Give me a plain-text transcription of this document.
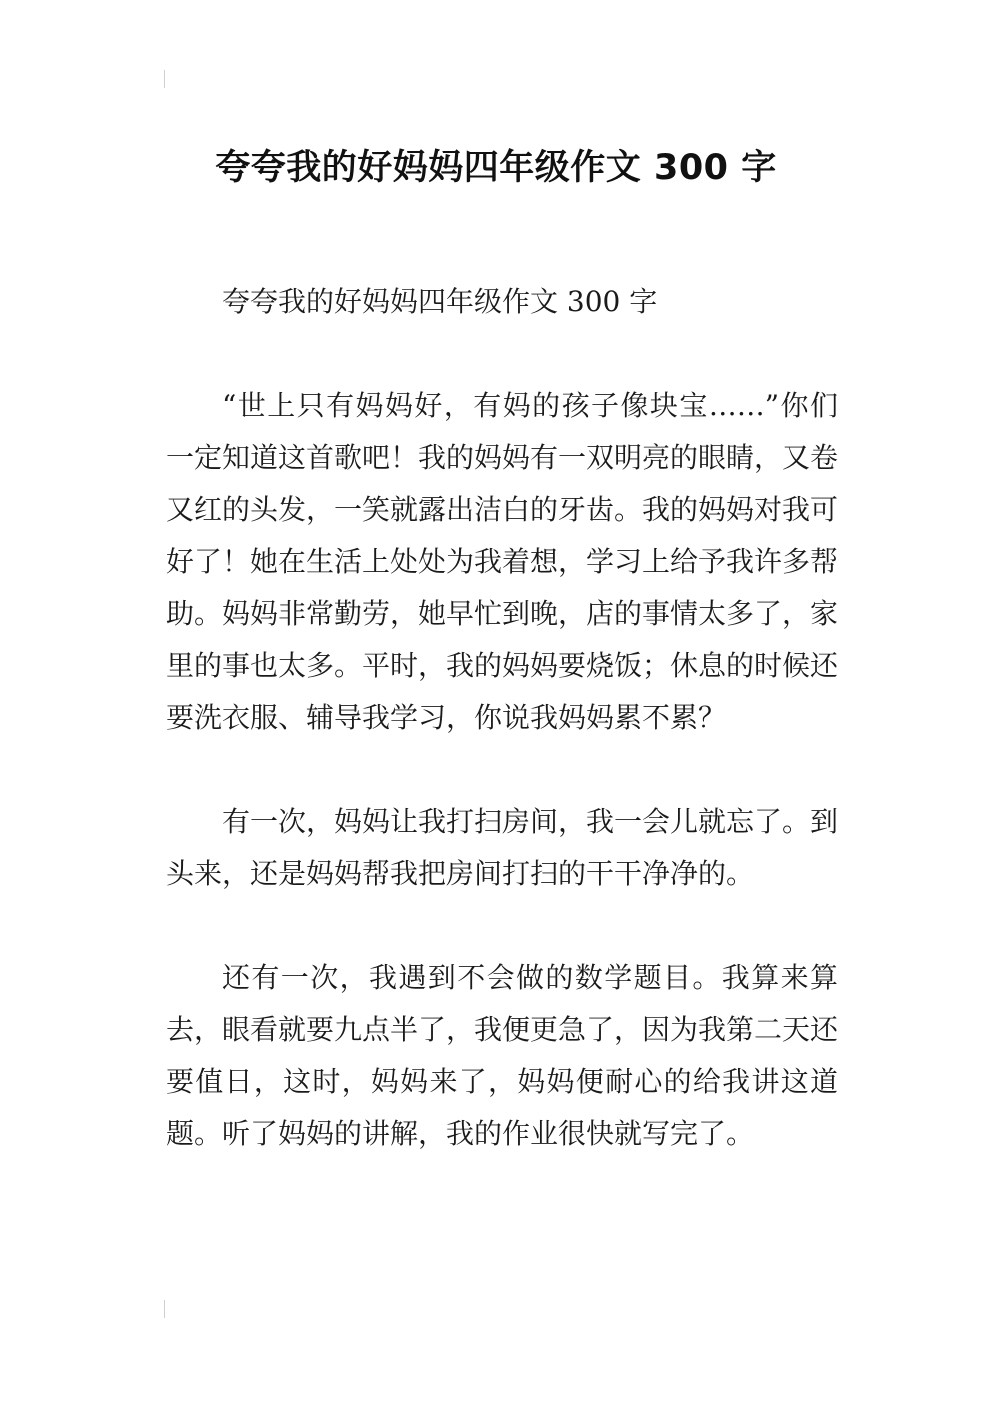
夸夸我的好妈妈四年级作文 300 字

夸夸我的好妈妈四年级作文 300 字

“世上只有妈妈好，有妈的孩子像块宝……”你们一定知道这首歌吧！我的妈妈有一双明亮的眼睛，又卷又红的头发，一笑就露出洁白的牙齿。我的妈妈对我可好了！她在生活上处处为我着想，学习上给予我许多帮助。妈妈非常勤劳，她早忙到晚，店的事情太多了，家里的事也太多。平时，我的妈妈要烧饭；休息的时候还要洗衣服、辅导我学习，你说我妈妈累不累？

有一次，妈妈让我打扫房间，我一会儿就忘了。到头来，还是妈妈帮我把房间打扫的干干净净的。

还有一次，我遇到不会做的数学题目。我算来算去，眼看就要九点半了，我便更急了，因为我第二天还要值日，这时，妈妈来了，妈妈便耐心的给我讲这道题。听了妈妈的讲解，我的作业很快就写完了。
